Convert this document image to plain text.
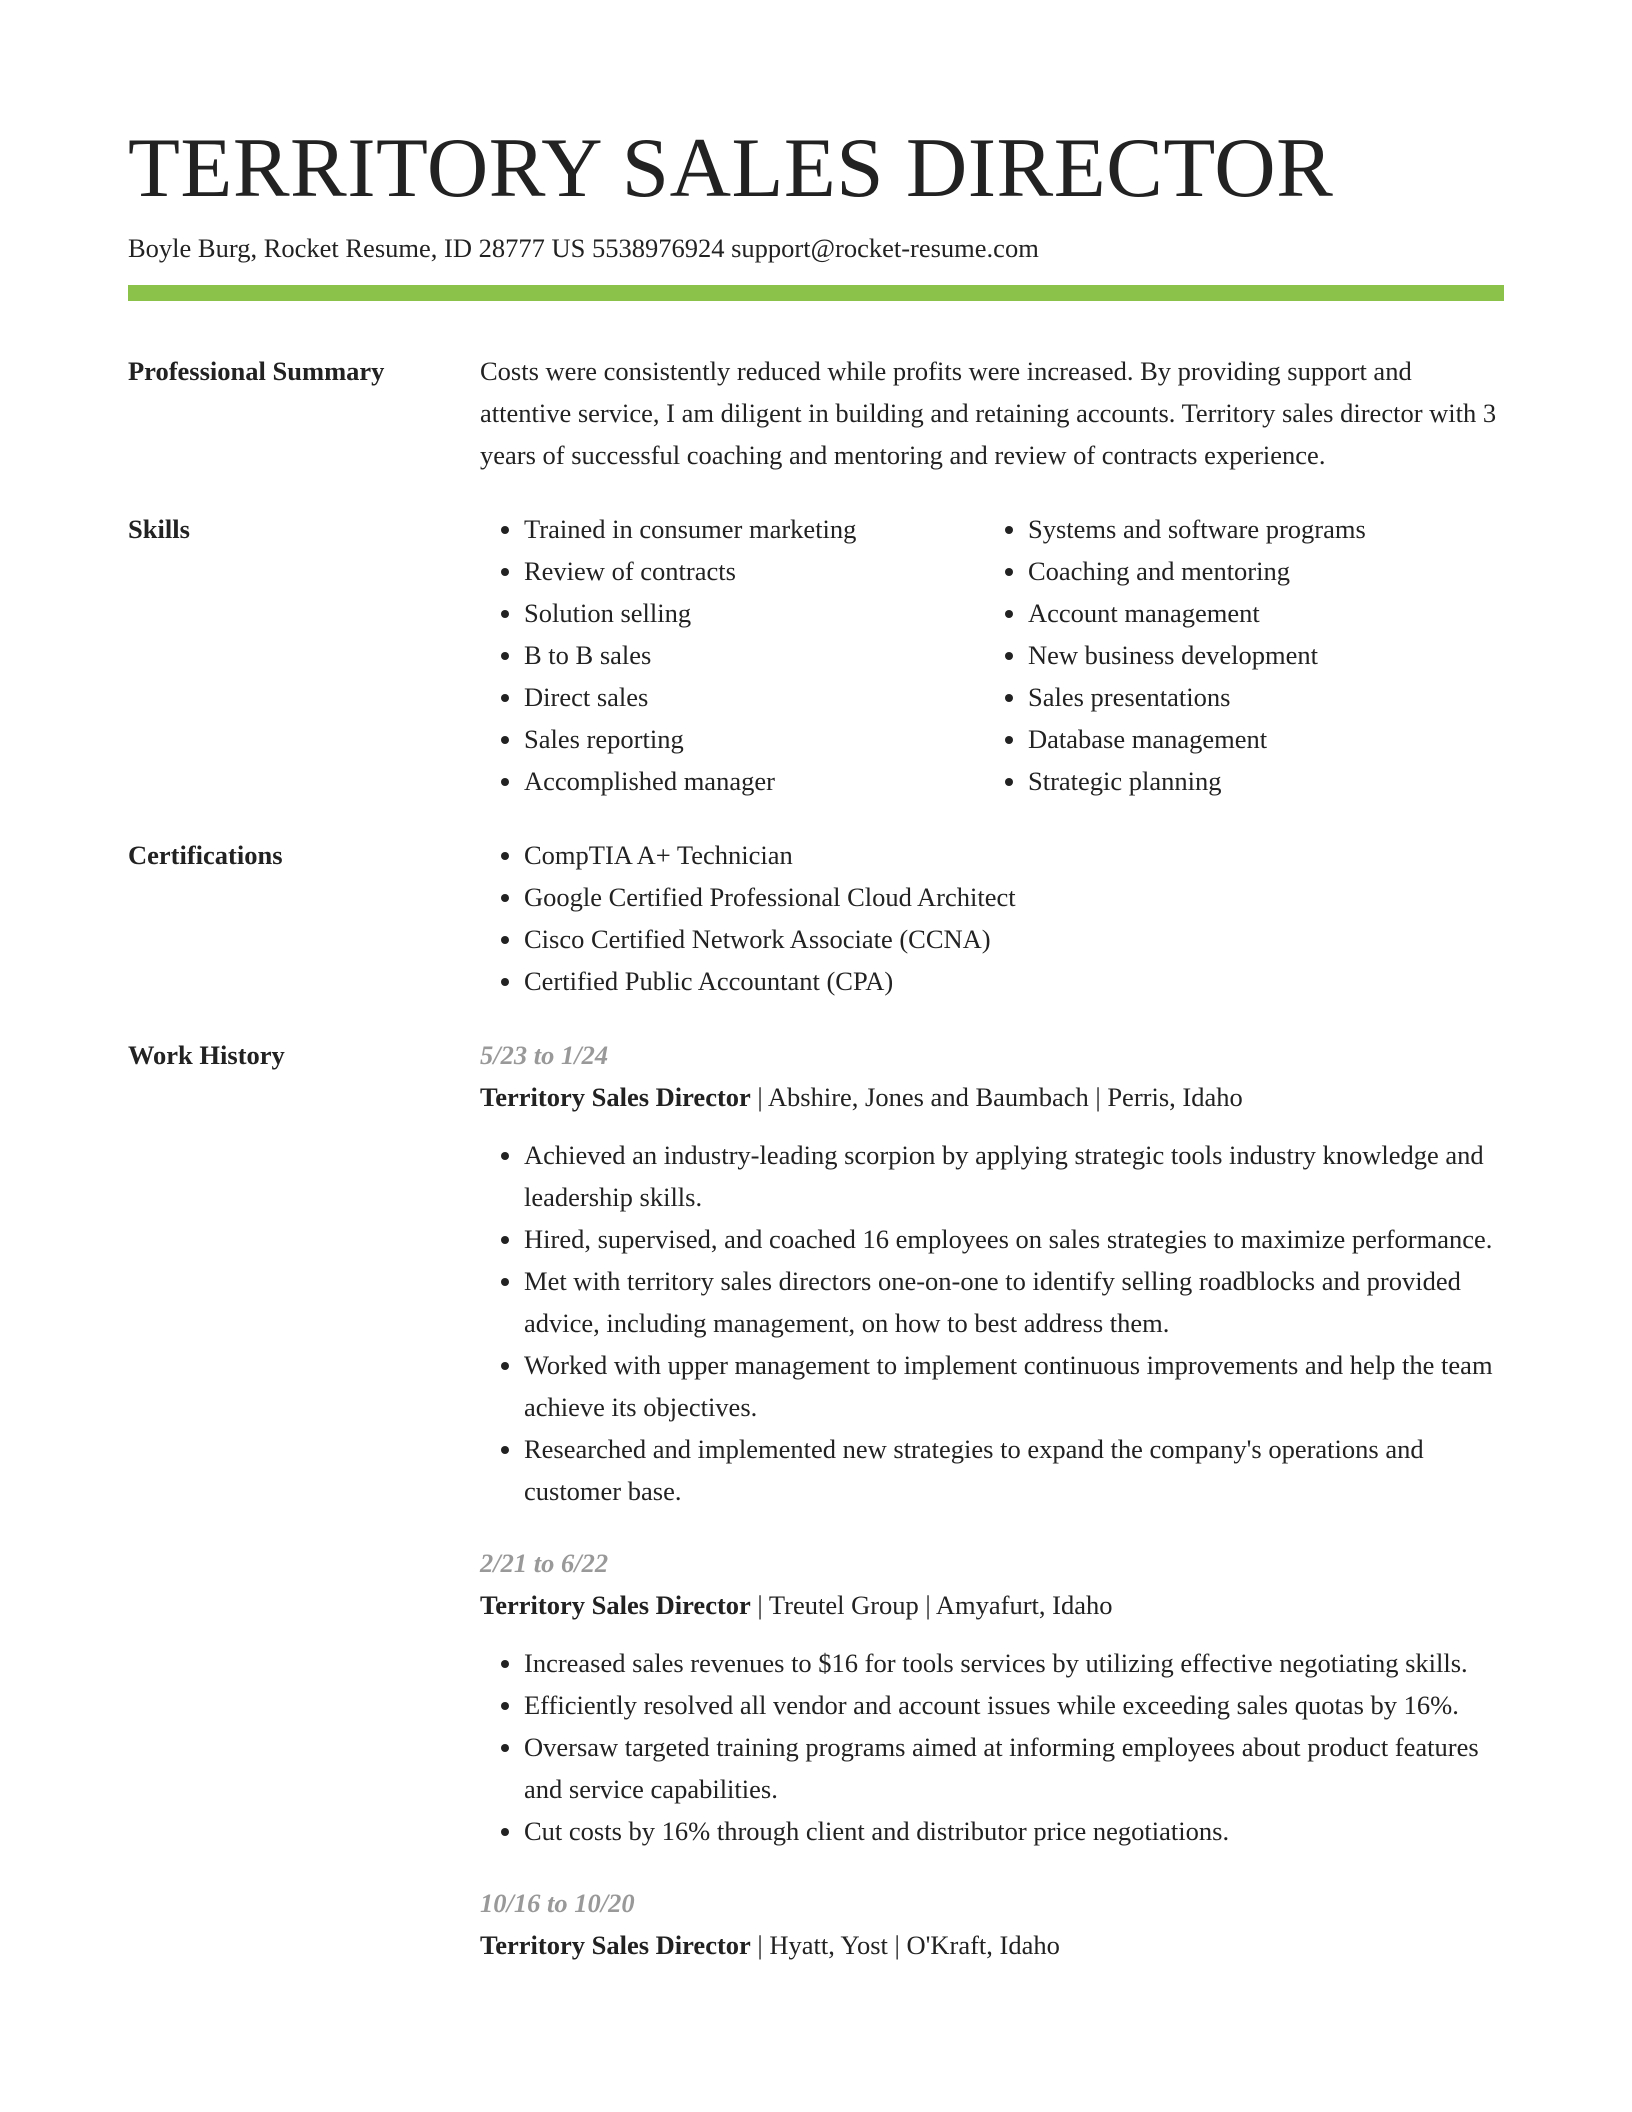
TERRITORY SALES DIRECTOR
Boyle Burg, Rocket Resume, ID 28777 US 5538976924 support@rocket-resume.com
Professional Summary	Costs were consistently reduced while profits were increased. By providing support and attentive service, I am diligent in building and retaining accounts. Territory sales director with 3 years of successful coaching and mentoring and review of contracts experience.

Skills	• Trained in consumer marketing
• Review of contracts
• Solution selling
• B to B sales
• Direct sales
• Sales reporting
• Accomplished manager
• Systems and software programs
• Coaching and mentoring
• Account management
• New business development
• Sales presentations
• Database management
• Strategic planning
Certifications	• CompTIA A+ Technician
• Google Certified Professional Cloud Architect
• Cisco Certified Network Associate (CCNA)
• Certified Public Accountant (CPA)
Work History	5/23 to 1/24
Territory Sales Director | Abshire, Jones and Baumbach | Perris, Idaho
• Achieved an industry-leading scorpion by applying strategic tools industry knowledge and leadership skills.
• Hired, supervised, and coached 16 employees on sales strategies to maximize performance.
• Met with territory sales directors one-on-one to identify selling roadblocks and provided advice, including management, on how to best address them.
• Worked with upper management to implement continuous improvements and help the team achieve its objectives.
• Researched and implemented new strategies to expand the company's operations and customer base.
2/21 to 6/22
Territory Sales Director | Treutel Group | Amyafurt, Idaho
• Increased sales revenues to $16 for tools services by utilizing effective negotiating skills.
• Efficiently resolved all vendor and account issues while exceeding sales quotas by 16%.
• Oversaw targeted training programs aimed at informing employees about product features and service capabilities.
• Cut costs by 16% through client and distributor price negotiations.
10/16 to 10/20
Territory Sales Director | Hyatt, Yost | O'Kraft, Idaho
